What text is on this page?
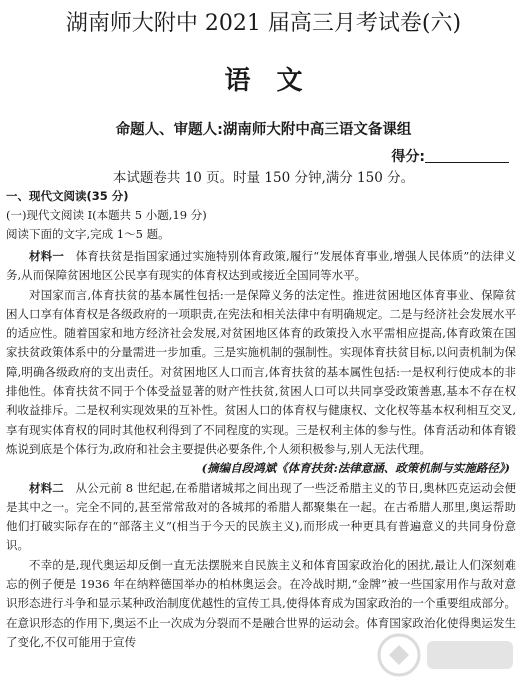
湖南师大附中 2021 届高三月考试卷(六)
语　文
命题人、审题人:湖南师大附中高三语文备课组
得分:
本试题卷共 10 页。时量 150 分钟,满分 150 分。
一、现代文阅读(35 分)
(一)现代文阅读 I(本题共 5 小题,19 分)
阅读下面的文字,完成 1～5 题。

材料一　体育扶贫是指国家通过实施特别体育政策,履行“发展体育事业,增强人民体质”的法律义务,从而保障贫困地区公民享有现实的体育权达到或接近全国同等水平。

对国家而言,体育扶贫的基本属性包括:一是保障义务的法定性。推进贫困地区体育事业、保障贫困人口享有体育权是各级政府的一项职责,在宪法和相关法律中有明确规定。二是与经济社会发展水平的适应性。随着国家和地方经济社会发展,对贫困地区体育的政策投入水平需相应提高,体育政策在国家扶贫政策体系中的分量需进一步加重。三是实施机制的强制性。实现体育扶贫目标,以问责机制为保障,明确各级政府的支出责任。对贫困地区人口而言,体育扶贫的基本属性包括:一是权利行使成本的非排他性。体育扶贫不同于个体受益显著的财产性扶贫,贫困人口可以共同享受政策善惠,基本不存在权利收益排斥。二是权利实现效果的互补性。贫困人口的体育权与健康权、文化权等基本权利相互交叉,享有现实体育权的同时其他权利得到了不同程度的实现。三是权利主体的参与性。体育活动和体育锻炼说到底是个体行为,政府和社会主要提供必要条件,个人须积极参与,别人无法代理。

(摘编自段鸿斌《体育扶贫:法律意涵、政策机制与实施路径》)

材料二　从公元前 8 世纪起,在希腊诸城邦之间出现了一些泛希腊主义的节日,奥林匹克运动会便是其中之一。完全不同的,甚至常常敌对的各城邦的希腊人都聚集在一起。在古希腊人那里,奥运帮助他们打破实际存在的“部落主义”(相当于今天的民族主义),而形成一种更具有普遍意义的共同身份意识。

不幸的是,现代奥运却反倒一直无法摆脱来自民族主义和体育国家政治化的困扰,最让人们深刻难忘的例子便是 1936 年在纳粹德国举办的柏林奥运会。在冷战时期,“金牌”被一些国家用作与敌对意识形态进行斗争和显示某种政治制度优越性的宣传工具,使得体育成为国家政治的一个重要组成部分。在意识形态的作用下,奥运不止一次成为分裂而不是融合世界的运动会。体育国家政治化使得奥运发生了变化,不仅可能用于宣传
